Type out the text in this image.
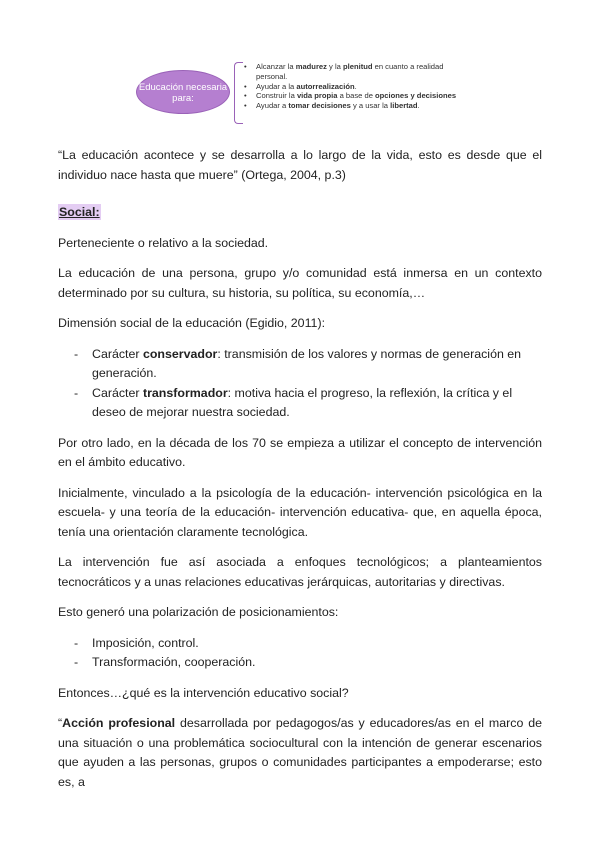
Educación necesaria para:
• Alcanzar la madurez y la plenitud en cuanto a realidad
personal.
• Ayudar a la autorrealización.
• Construir la vida propia a base de opciones y decisiones
• Ayudar a tomar decisiones y a usar la libertad.

“La educación acontece y se desarrolla a lo largo de la vida, esto es desde que el individuo nace hasta que muere” (Ortega, 2004, p.3)

Social:

Perteneciente o relativo a la sociedad.

La educación de una persona, grupo y/o comunidad está inmersa en un contexto determinado por su cultura, su historia, su política, su economía,…

Dimensión social de la educación (Egidio, 2011):

- Carácter conservador: transmisión de los valores y normas de generación en generación.
- Carácter transformador: motiva hacia el progreso, la reflexión, la crítica y el deseo de mejorar nuestra sociedad.

Por otro lado, en la década de los 70 se empieza a utilizar el concepto de intervención en el ámbito educativo.

Inicialmente, vinculado a la psicología de la educación- intervención psicológica en la escuela- y una teoría de la educación- intervención educativa- que, en aquella época, tenía una orientación claramente tecnológica.

La intervención fue así asociada a enfoques tecnológicos; a planteamientos tecnocráticos y a unas relaciones educativas jerárquicas, autoritarias y directivas.

Esto generó una polarización de posicionamientos:

- Imposición, control.
- Transformación, cooperación.

Entonces…¿qué es la intervención educativo social?

“Acción profesional desarrollada por pedagogos/as y educadores/as en el marco de una situación o una problemática sociocultural con la intención de generar escenarios que ayuden a las personas, grupos o comunidades participantes a empoderarse; esto es, a
